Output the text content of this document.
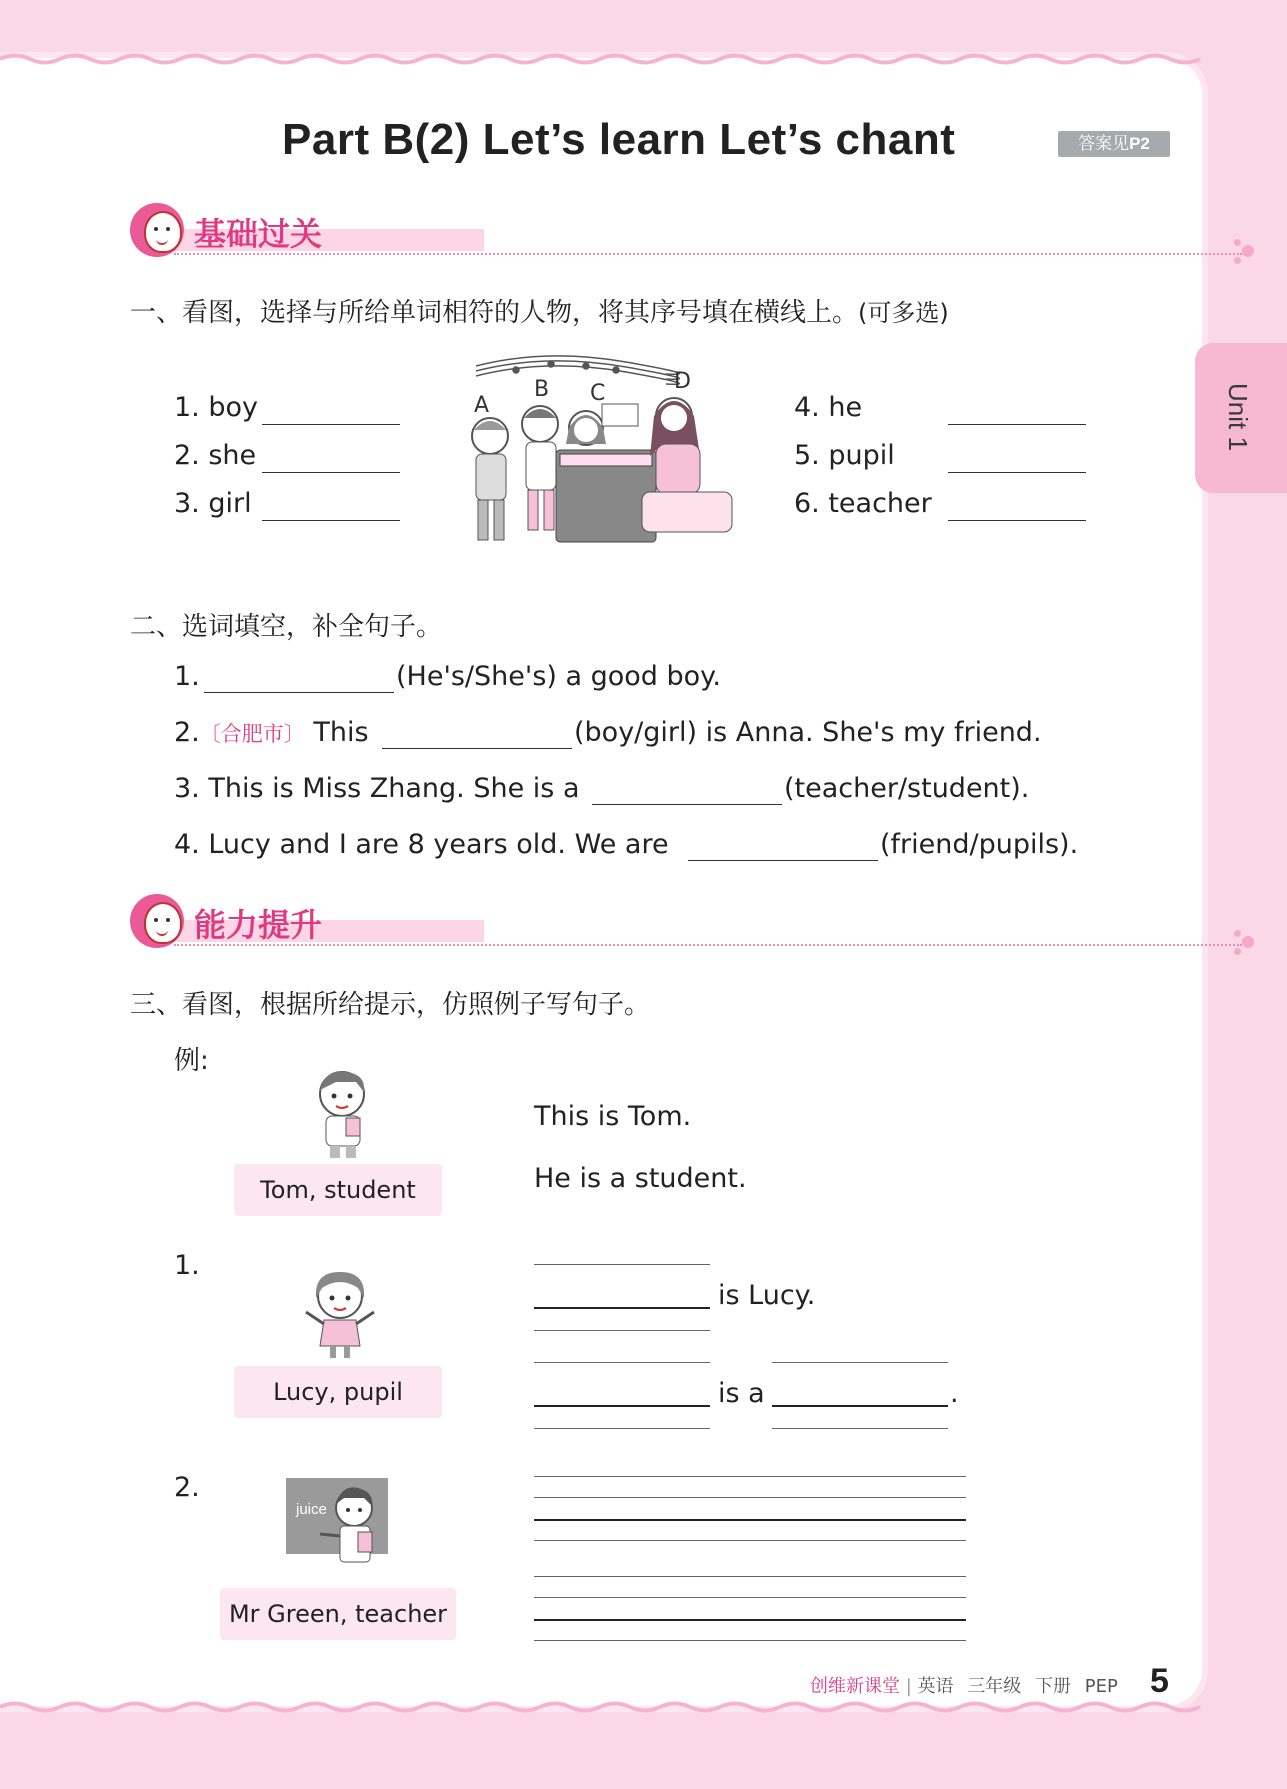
Part B(2) Let’s learn Let’s chant	答案见P2
Unit 1
基础过关
一、看图，选择与所给单词相符的人物，将其序号填在横线上。(可多选)
1. boy
2. she
3. girl
4. he
5. pupil
6. teacher
A
B C	D
二、选词填空，补全句子。
1.	(He's/She's) a good boy.
2.〔合肥市〕 This	(boy/girl) is Anna. She's my friend.
3. This is Miss Zhang. She is a	(teacher/student).
4. Lucy and I are 8 years old. We are	(friend/pupils).
能力提升
三、看图，根据所给提示，仿照例子写句子。
例:
Tom, student
This is Tom.
He is a student.
1.
Lucy, pupil
is Lucy.
is a	.
2.
juice
Mr Green, teacher
创维新课堂 | 英语 三年级 下册 PEP 5
